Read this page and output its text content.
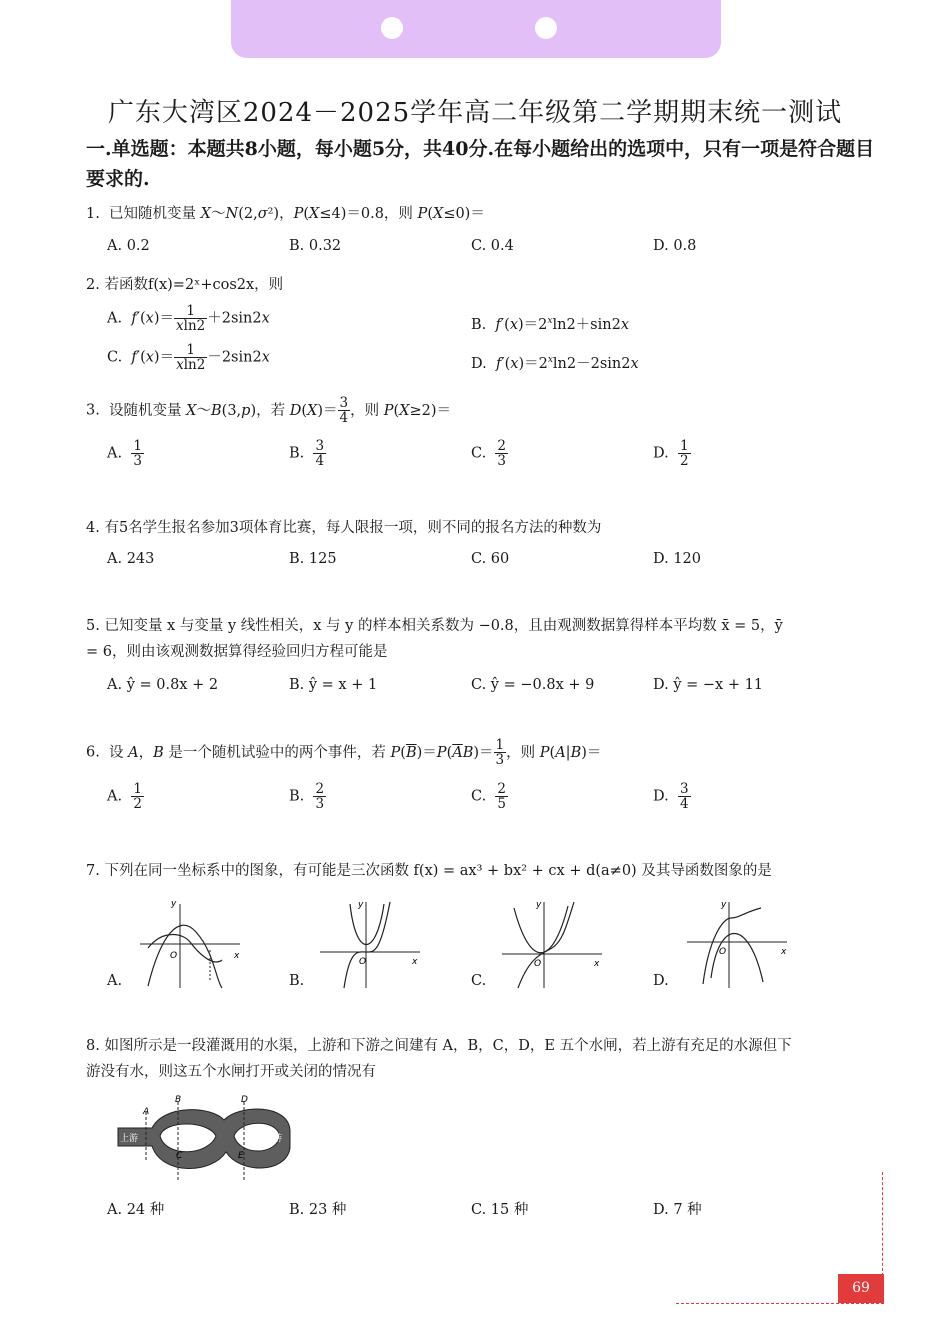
广东大湾区2024－2025学年高二年级第二学期期末统一测试
一.单选题：本题共8小题，每小题5分，共40分.在每小题给出的选项中，只有一项是符合题目要求的.
1.  已知随机变量 X～N(2,σ²)，P(X≤4)＝0.8，则 P(X≤0)＝
A. 0.2	B. 0.32	C. 0.4	D. 0.8
2. 若函数f(x)=2ˣ+cos2x，则
A.  $f'(x)= \frac{1}{xln2} +2\sin 2x$	B.  $f'(x)=2^x\ln 2+\sin 2x$
C.  $f'(x)= \frac{1}{xln2} -2\sin 2x$	D.  $f'(x)=2^x\ln 2-2\sin 2x$
3.  设随机变量 X～B(3,p)，若 $D(X)= \frac{3}{4}$ ，则 P(X≥2)＝
A. $\frac{1}{3}$	B. $\frac{3}{4}$	C. $\frac{2}{3}$	D. $\frac{1}{2}$
4. 有5名学生报名参加3项体育比赛，每人限报一项，则不同的报名方法的种数为
A. 243	B. 125	C. 60	D. 120
5. 已知变量 x 与变量 y 线性相关，x 与 y 的样本相关系数为 −0.8，且由观测数据算得样本平均数 x̄ = 5，ȳ
= 6，则由该观测数据算得经验回归方程可能是
A. ŷ = 0.8x + 2	B. ŷ = x + 1	C. ŷ = −0.8x + 9	D. ŷ = −x + 11
6.  设 A，B 是一个随机试验中的两个事件，若 $P(\overline{B})=P(\overline{A}B)= \frac{1}{3}$ ，则 P(A|B)＝
A. $\frac{1}{2}$	B. $\frac{2}{3}$	C. $\frac{2}{5}$	D. $\frac{3}{4}$
7. 下列在同一坐标系中的图象，有可能是三次函数 f(x) = ax³ + bx² + cx + d(a≠0) 及其导函数图象的是
y
x
O
y
x
O
y
x
O
y
x
O
A.	B.	C.	D.
8. 如图所示是一段灌溉用的水渠，上游和下游之间建有 A，B，C，D，E 五个水闸，若上游有充足的水源但下
游没有水，则这五个水闸打开或关闭的情况有
上游	下游
A
B
C
D
E
A. 24 种	B. 23 种	C. 15 种	D. 7 种
69
